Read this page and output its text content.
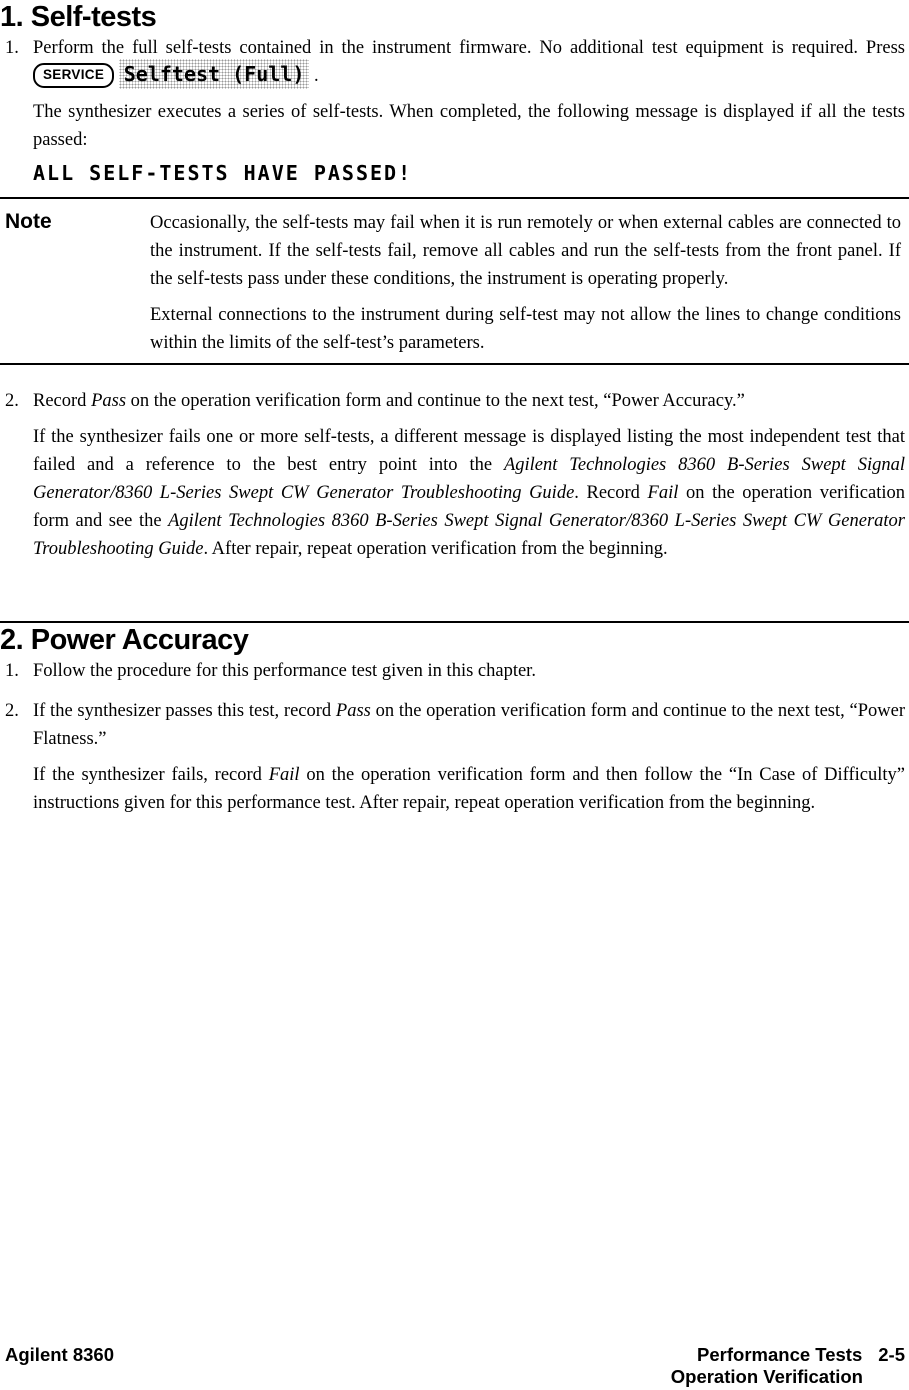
1. Self-tests
1. Perform the full self-tests contained in the instrument firmware. No additional test equipment is required. Press SERVICE Selftest (Full) .

The synthesizer executes a series of self-tests. When completed, the following message is displayed if all the tests passed:

ALL SELF-TESTS HAVE PASSED!
Note	Occasionally, the self-tests may fail when it is run remotely or when external cables are connected to the instrument. If the self-tests fail, remove all cables and run the self-tests from the front panel. If the self-tests pass under these conditions, the instrument is operating properly.

External connections to the instrument during self-test may not allow the lines to change conditions within the limits of the self-test’s parameters.

2. Record Pass on the operation verification form and continue to the next test, “Power Accuracy.”

If the synthesizer fails one or more self-tests, a different message is displayed listing the most independent test that failed and a reference to the best entry point into the Agilent Technologies 8360 B-Series Swept Signal Generator/8360 L-Series Swept CW Generator Troubleshooting Guide. Record Fail on the operation verification form and see the Agilent Technologies 8360 B-Series Swept Signal Generator/8360 L-Series Swept CW Generator Troubleshooting Guide. After repair, repeat operation verification from the beginning.

2. Power Accuracy
1. Follow the procedure for this performance test given in this chapter.
2. If the synthesizer passes this test, record Pass on the operation verification form and continue to the next test, “Power Flatness.”

If the synthesizer fails, record Fail on the operation verification form and then follow the “In Case of Difficulty” instructions given for this performance test. After repair, repeat operation verification from the beginning.

Agilent 8360	Performance Tests 2-5
Operation Verification
